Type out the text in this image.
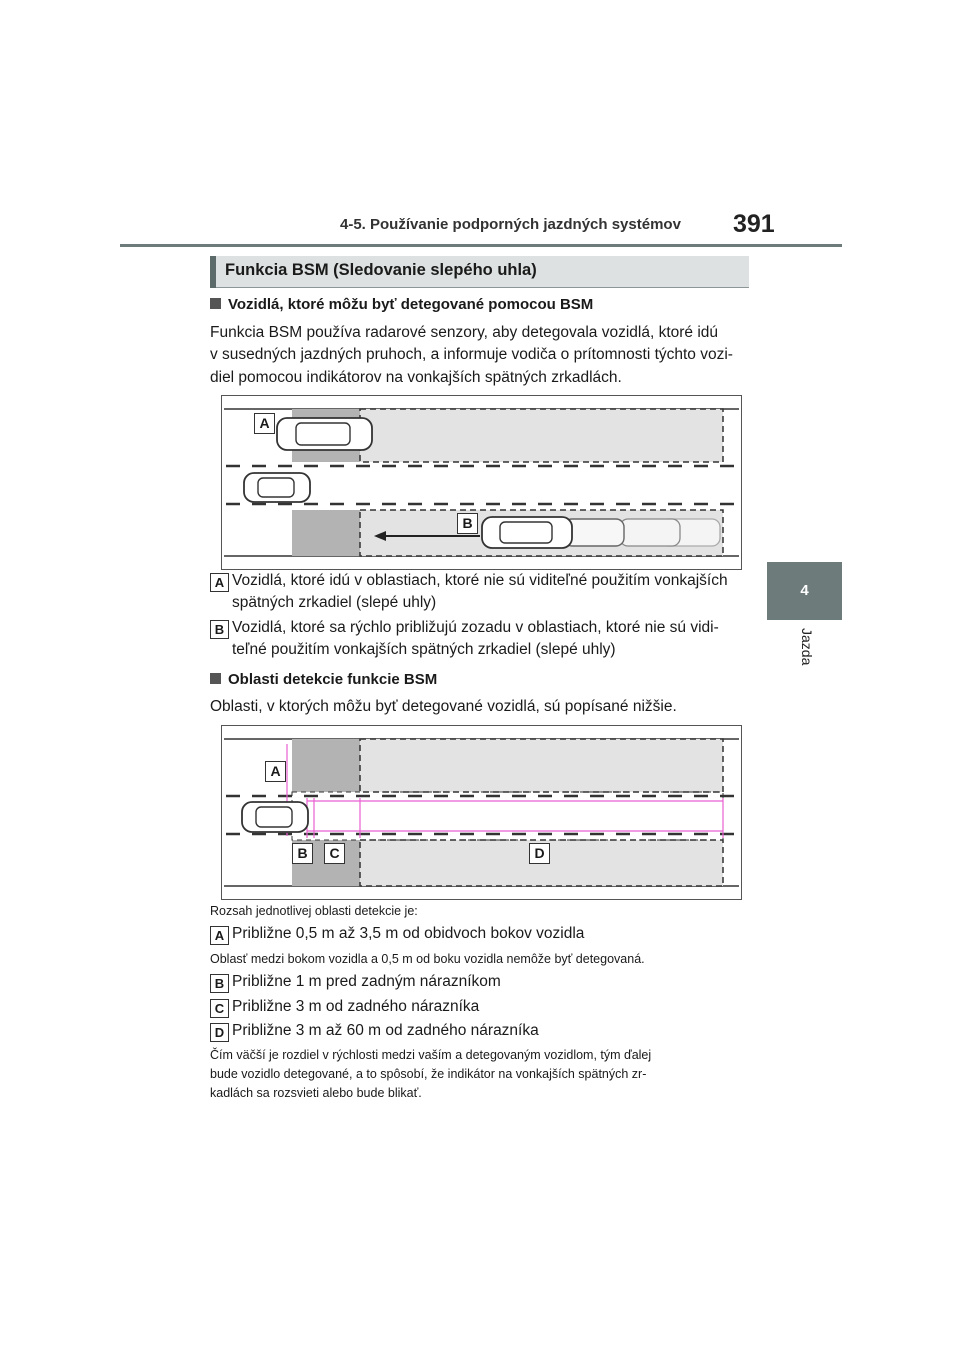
4-5. Používanie podporných jazdných systémov 391
4
Jazda
Funkcia BSM (Sledovanie slepého uhla)
Vozidlá, ktoré môžu byť detegované pomocou BSM
Funkcia BSM používa radarové senzory, aby detegovala vozidlá, ktoré idú
v susedných jazdných pruhoch, a informuje vodiča o prítomnosti týchto vozi-
diel pomocou indikátorov na vonkajších spätných zrkadlách.
A
B
A Vozidlá, ktoré idú v oblastiach, ktoré nie sú viditeľné použitím vonkajších
spätných zrkadiel (slepé uhly)
B Vozidlá, ktoré sa rýchlo približujú zozadu v oblastiach, ktoré nie sú vidi-
teľné použitím vonkajších spätných zrkadiel (slepé uhly)
Oblasti detekcie funkcie BSM
Oblasti, v ktorých môžu byť detegované vozidlá, sú popísané nižšie.
A
B	C	D
Rozsah jednotlivej oblasti detekcie je:
A Približne 0,5 m až 3,5 m od obidvoch bokov vozidla
Oblasť medzi bokom vozidla a 0,5 m od boku vozidla nemôže byť detegovaná.
B Približne 1 m pred zadným nárazníkom
C Približne 3 m od zadného nárazníka
D Približne 3 m až 60 m od zadného nárazníka
Čím väčší je rozdiel v rýchlosti medzi vaším a detegovaným vozidlom, tým ďalej
bude vozidlo detegované, a to spôsobí, že indikátor na vonkajších spätných zr-
kadlách sa rozsvieti alebo bude blikať.
